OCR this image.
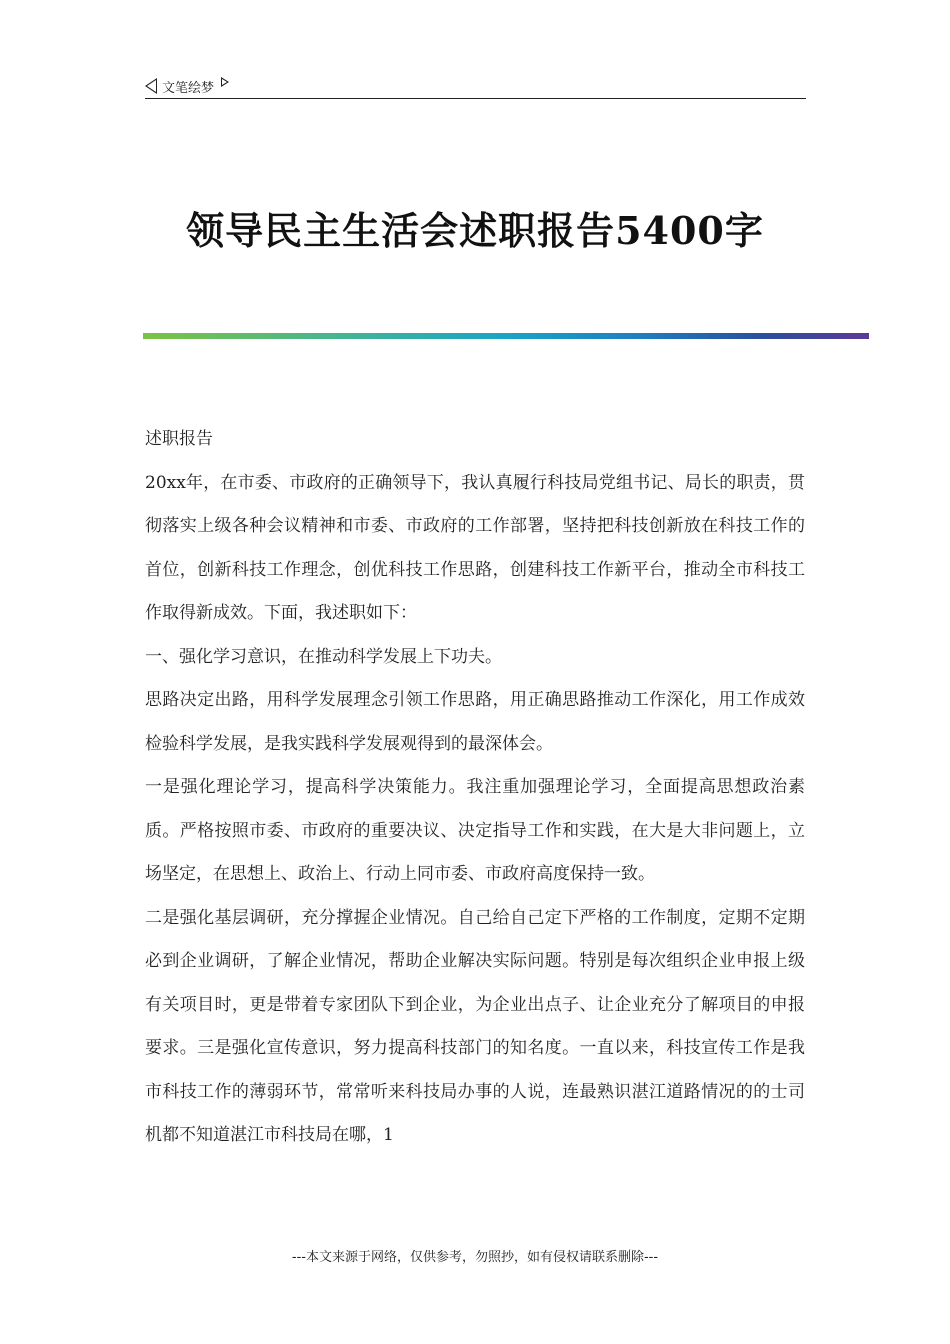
文笔绘梦
领导民主生活会述职报告5400字

述职报告

20xx年，在市委、市政府的正确领导下，我认真履行科技局党组书记、局长的职责，贯彻落实上级各种会议精神和市委、市政府的工作部署，坚持把科技创新放在科技工作的首位，创新科技工作理念，创优科技工作思路，创建科技工作新平台，推动全市科技工作取得新成效。下面，我述职如下：

一、强化学习意识，在推动科学发展上下功夫。

思路决定出路，用科学发展理念引领工作思路，用正确思路推动工作深化，用工作成效检验科学发展，是我实践科学发展观得到的最深体会。

一是强化理论学习，提高科学决策能力。我注重加强理论学习，全面提高思想政治素质。严格按照市委、市政府的重要决议、决定指导工作和实践，在大是大非问题上，立场坚定，在思想上、政治上、行动上同市委、市政府高度保持一致。

二是强化基层调研，充分撑握企业情况。自己给自己定下严格的工作制度，定期不定期必到企业调研，了解企业情况，帮助企业解决实际问题。特别是每次组织企业申报上级有关项目时，更是带着专家团队下到企业，为企业出点子、让企业充分了解项目的申报要求。三是强化宣传意识，努力提高科技部门的知名度。一直以来，科技宣传工作是我市科技工作的薄弱环节，常常听来科技局办事的人说，连最熟识湛江道路情况的的士司机都不知道湛江市科技局在哪，1

---本文来源于网络，仅供参考，勿照抄，如有侵权请联系删除---
